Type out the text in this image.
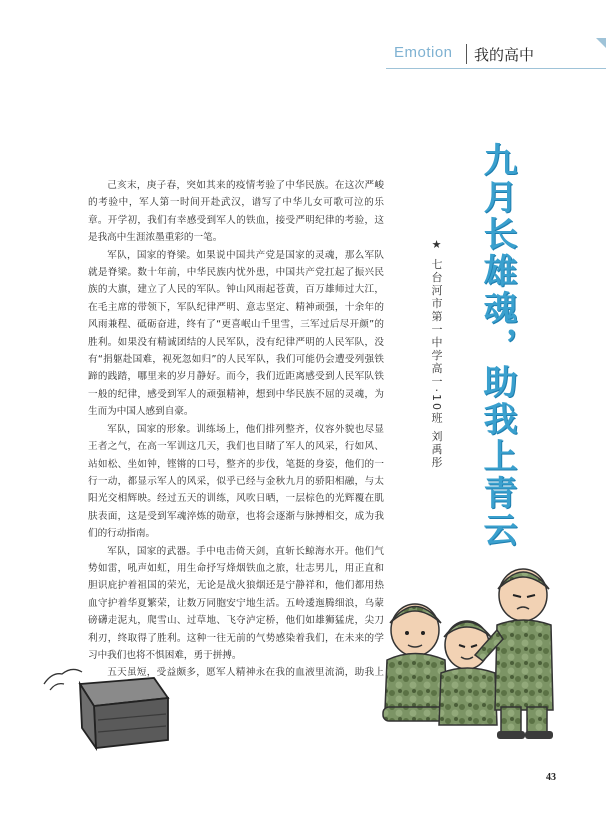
Emotion 我的高中
九月长雄魂，助我上青云
★ 七台河市第一中学高一·10班 刘禹彤

己亥末，庚子春，突如其来的疫情考验了中华民族。在这次严峻的考验中，军人第一时间开赴武汉，谱写了中华儿女可歌可泣的乐章。开学初，我们有幸感受到军人的铁血，接受严明纪律的考验，这是我高中生涯浓墨重彩的一笔。

军队，国家的脊梁。如果说中国共产党是国家的灵魂，那么军队就是脊梁。数十年前，中华民族内忧外患，中国共产党扛起了振兴民族的大旗，建立了人民的军队。钟山风雨起苍黄，百万雄师过大江，在毛主席的带领下，军队纪律严明、意志坚定、精神顽强，十余年的风雨兼程、砥砺奋进，终有了“更喜岷山千里雪，三军过后尽开颜”的胜利。如果没有精诚团结的人民军队，没有纪律严明的人民军队，没有“捐躯赴国难，视死忽如归”的人民军队，我们可能仍会遭受列强铁蹄的践踏，哪里来的岁月静好。而今，我们近距离感受到人民军队铁一般的纪律，感受到军人的顽强精神，想到中华民族不屈的灵魂，为生而为中国人感到自豪。

军队，国家的形象。训练场上，他们排列整齐，仪容外貌也尽显王者之气，在高一军训这几天，我们也目睹了军人的风采，行如风、站如松、坐如钟，铿锵的口号，整齐的步伐，笔挺的身姿，他们的一行一动，都显示军人的风采，似乎已经与金秋九月的骄阳相融，与太阳光交相辉映。经过五天的训练，风吹日晒，一层棕色的光辉覆在肌肤表面，这是受到军魂淬炼的勋章，也将会逐渐与脉搏相交，成为我们的行动指南。

军队，国家的武器。手中电击倚天剑，直斩长鲸海水开。他们气势如雷，吼声如虹，用生命抒写烽烟铁血之旅，壮志男儿，用正直和胆识庇护着祖国的荣光，无论是战火狼烟还是宁静祥和，他们都用热血守护着华夏繁荣，让数万同胞安宁地生活。五岭逶迤腾细浪，乌蒙磅礴走泥丸，爬雪山、过草地、飞夺泸定桥，他们如雄狮猛虎，尖刀利刃，终取得了胜利。这种一往无前的气势感染着我们，在未来的学习中我们也将不惧困难，勇于拼搏。

五天虽短，受益颇多，愿军人精神永在我的血液里流淌，助我上

43
